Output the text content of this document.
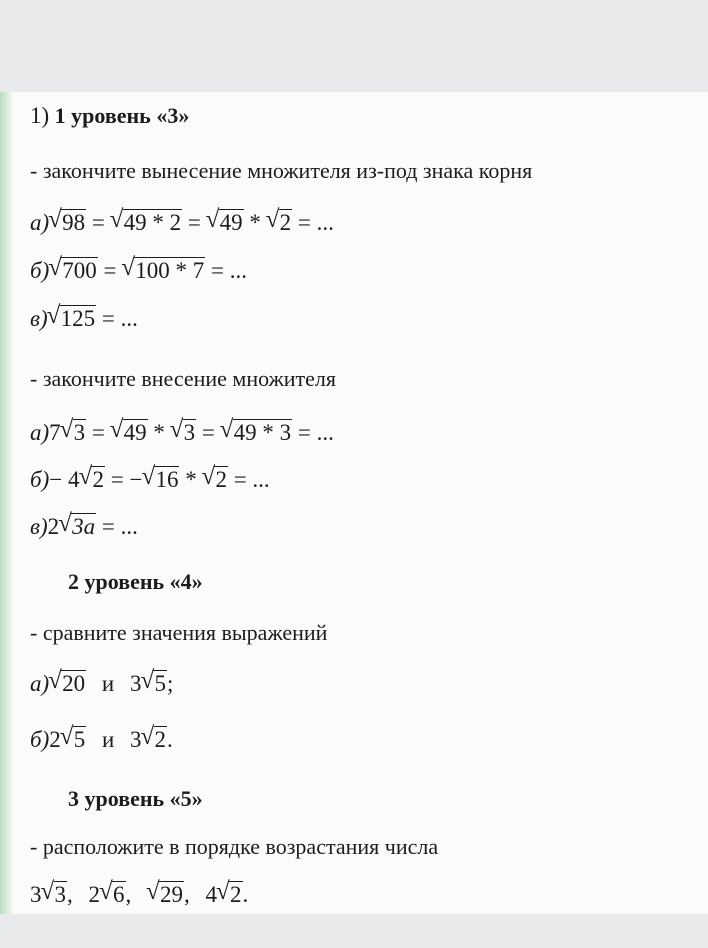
1) 1 уровень «3»
- закончите вынесение множителя из-под знака корня
а) √ 98 = √ 49 * 2 = √ 49 * √ 2 = ...
б) √ 700 = √ 100 * 7 = ...
в) √ 125 = ...
- закончите внесение множителя
а)7 √ 3 = √ 49 * √ 3 = √ 49 * 3 = ...
б)− 4 √ 2 = − √ 16 * √ 2 = ...
в)2 √ 3a = ...
2 уровень «4»
- сравните значения выражений
а) √ 20 и 3 √ 5;
б)2 √ 5 и 3 √ 2.
3 уровень «5»
- расположите в порядке возрастания числа
3 √ 3, 2 √ 6, √ 29, 4 √ 2.
